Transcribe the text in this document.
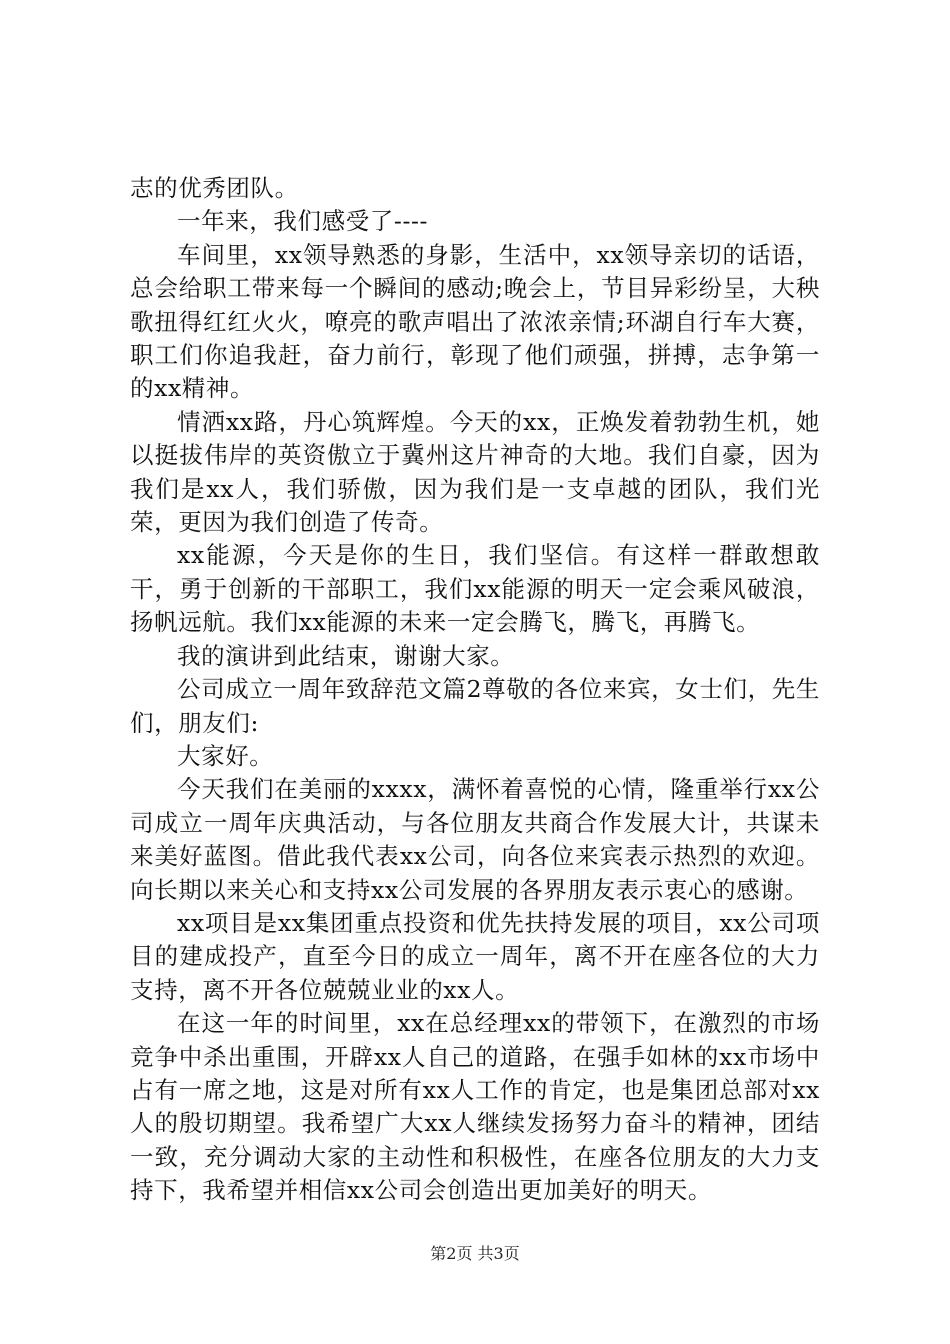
志的优秀团队。

一年来，我们感受了----

车间里，xx领导熟悉的身影，生活中，xx领导亲切的话语，总会给职工带来每一个瞬间的感动;晚会上，节目异彩纷呈，大秧歌扭得红红火火，嘹亮的歌声唱出了浓浓亲情;环湖自行车大赛，职工们你追我赶，奋力前行，彰现了他们顽强，拼搏，志争第一的xx精神。

情洒xx路，丹心筑辉煌。今天的xx，正焕发着勃勃生机，她以挺拔伟岸的英资傲立于冀州这片神奇的大地。我们自豪，因为我们是xx人，我们骄傲，因为我们是一支卓越的团队，我们光荣，更因为我们创造了传奇。

xx能源，今天是你的生日，我们坚信。有这样一群敢想敢干，勇于创新的干部职工，我们xx能源的明天一定会乘风破浪，扬帆远航。我们xx能源的未来一定会腾飞，腾飞，再腾飞。

我的演讲到此结束，谢谢大家。

公司成立一周年致辞范文篇2尊敬的各位来宾，女士们，先生们，朋友们:

大家好。

今天我们在美丽的xxxx，满怀着喜悦的心情，隆重举行xx公司成立一周年庆典活动，与各位朋友共商合作发展大计，共谋未来美好蓝图。借此我代表xx公司，向各位来宾表示热烈的欢迎。向长期以来关心和支持xx公司发展的各界朋友表示衷心的感谢。

xx项目是xx集团重点投资和优先扶持发展的项目，xx公司项目的建成投产，直至今日的成立一周年，离不开在座各位的大力支持，离不开各位兢兢业业的xx人。

在这一年的时间里，xx在总经理xx的带领下，在激烈的市场竞争中杀出重围，开辟xx人自己的道路，在强手如林的xx市场中占有一席之地，这是对所有xx人工作的肯定，也是集团总部对xx人的殷切期望。我希望广大xx人继续发扬努力奋斗的精神，团结一致，充分调动大家的主动性和积极性，在座各位朋友的大力支持下，我希望并相信xx公司会创造出更加美好的明天。

第2页 共3页
